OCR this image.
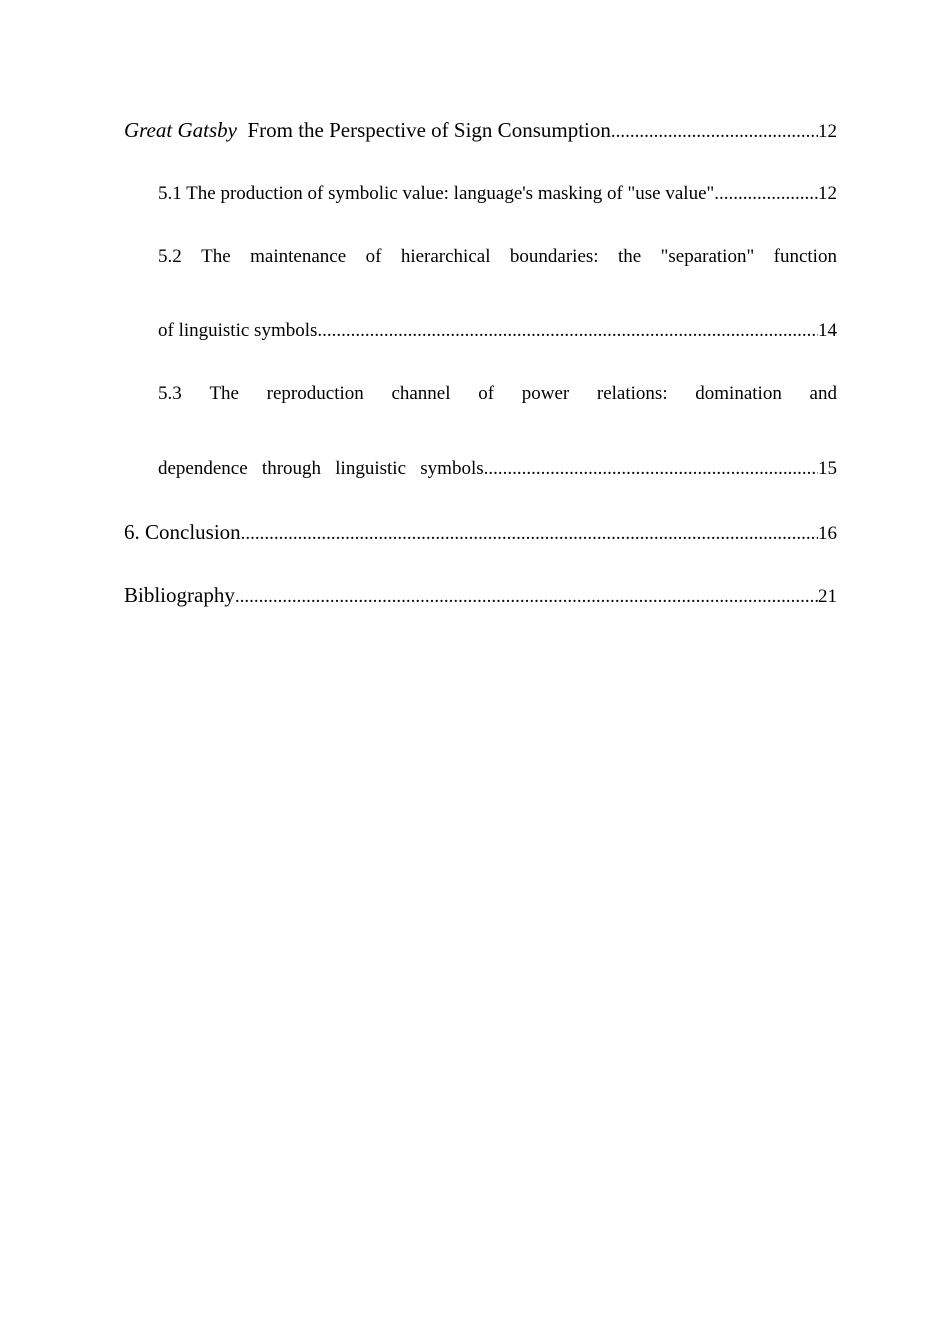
Great Gatsby From the Perspective of Sign Consumption .....	12
5.1 The production of symbolic value: language's masking of "use value" .....	12
5.2 The maintenance of hierarchical boundaries: the "separation" function
of linguistic symbols .....	14
5.3 The reproduction channel of power relations: domination and
dependence through linguistic symbols .....	15
6. Conclusion .....	16
Bibliography .....	21
